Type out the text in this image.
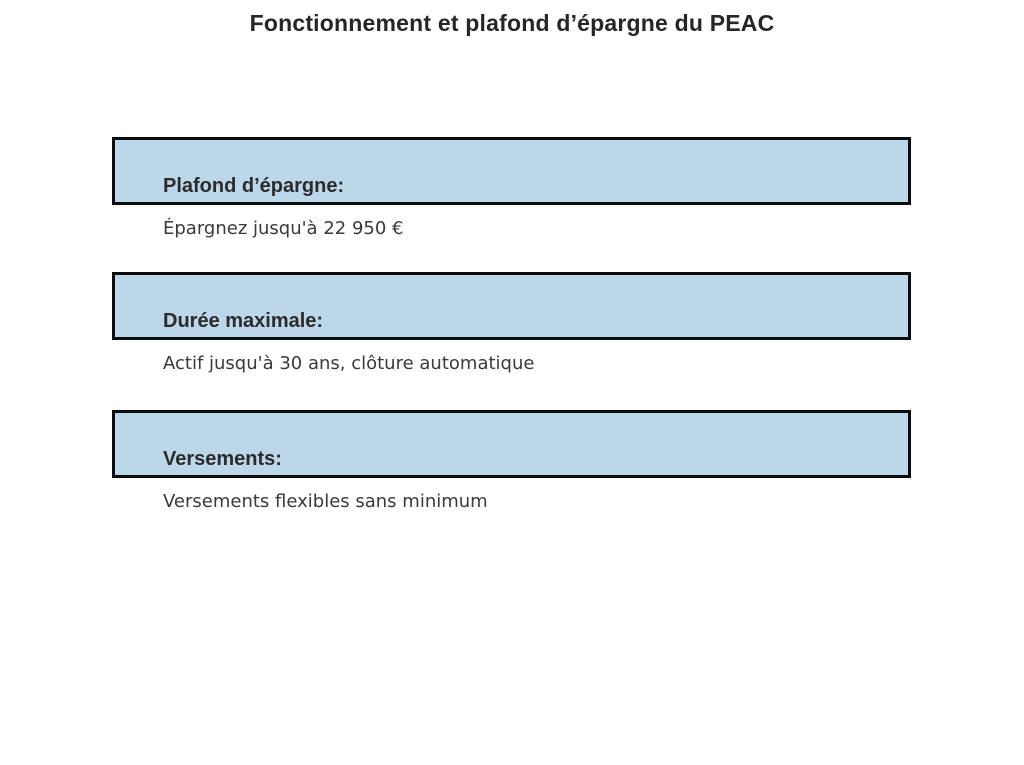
Fonctionnement et plafond d’épargne du PEAC
Plafond d’épargne:
Épargnez jusqu'à 22 950 €
Durée maximale:
Actif jusqu'à 30 ans, clôture automatique
Versements:
Versements flexibles sans minimum
